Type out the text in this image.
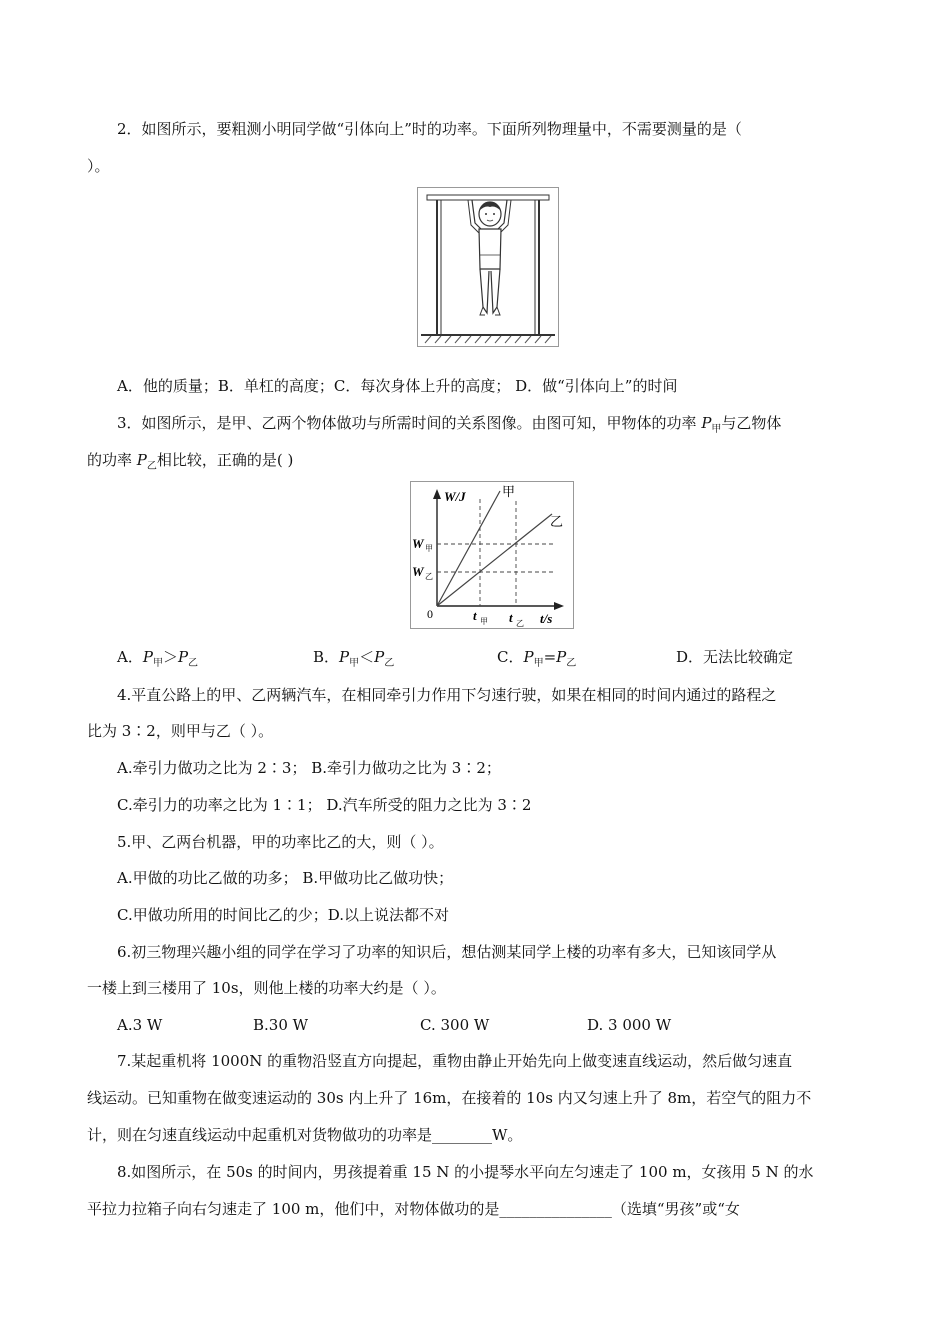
2．如图所示，要粗测小明同学做“引体向上”时的功率。下面所列物理量中，不需要测量的是（
）。
A．他的质量；B．单杠的高度；C．每次身体上升的高度； D．做“引体向上”的时间
3．如图所示，是甲、乙两个物体做功与所需时间的关系图像。由图可知，甲物体的功率 $P_甲$与乙物体
的功率 $P_乙$相比较，正确的是( )
W/J
t/s
0
W 甲
W 乙
t 甲 t 乙
甲
乙
A．$P_甲>P_乙$	B．$P_甲<P_乙$	C．$P_甲=P_乙$	D．无法比较确定
4.平直公路上的甲、乙两辆汽车，在相同牵引力作用下匀速行驶，如果在相同的时间内通过的路程之
比为 3∶2，则甲与乙（ ）。
A.牵引力做功之比为 2∶3； B.牵引力做功之比为 3∶2；
C.牵引力的功率之比为 1∶1； D.汽车所受的阻力之比为 3∶2
5.甲、乙两台机器，甲的功率比乙的大，则（ ）。
A.甲做的功比乙做的功多； B.甲做功比乙做功快；
C.甲做功所用的时间比乙的少；D.以上说法都不对
6.初三物理兴趣小组的同学在学习了功率的知识后，想估测某同学上楼的功率有多大，已知该同学从
一楼上到三楼用了 10s，则他上楼的功率大约是（ ）。
A.3 W	B.30 W	C. 300 W	D. 3 000 W
7.某起重机将 1000N 的重物沿竖直方向提起，重物由静止开始先向上做变速直线运动，然后做匀速直
线运动。已知重物在做变速运动的 30s 内上升了 16m，在接着的 10s 内又匀速上升了 8m，若空气的阻力不
计，则在匀速直线运动中起重机对货物做功的功率是________W。
8.如图所示，在 50s 的时间内，男孩提着重 15 N 的小提琴水平向左匀速走了 100 m，女孩用 5 N 的水
平拉力拉箱子向右匀速走了 100 m，他们中，对物体做功的是_______________（选填“男孩”或“女
